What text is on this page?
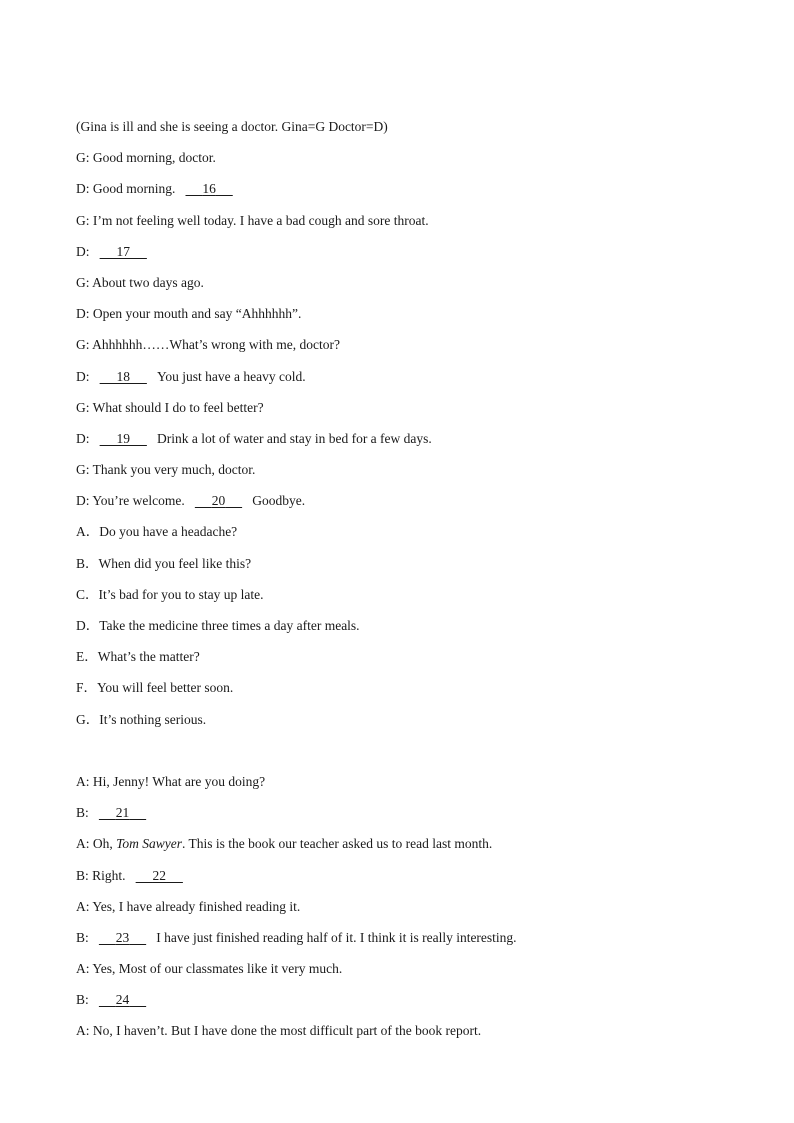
(Gina is ill and she is seeing a doctor. Gina=G Doctor=D)
G: Good morning, doctor.
D: Good morning. 16
G: I’m not feeling well today. I have a bad cough and sore throat.
D: 17
G: About two days ago.
D: Open your mouth and say “Ahhhhhh”.
G: Ahhhhhh……What’s wrong with me, doctor?
D: 18 You just have a heavy cold.
G: What should I do to feel better?
D: 19 Drink a lot of water and stay in bed for a few days.
G: Thank you very much, doctor.
D: You’re welcome. 20 Goodbye.
A．Do you have a headache?
B．When did you feel like this?
C．It’s bad for you to stay up late.
D．Take the medicine three times a day after meals.
E．What’s the matter?
F．You will feel better soon.
G．It’s nothing serious.
A: Hi, Jenny! What are you doing?
B: 21
A: Oh, Tom Sawyer. This is the book our teacher asked us to read last month.
B: Right. 22
A: Yes, I have already finished reading it.
B: 23 I have just finished reading half of it. I think it is really interesting.
A: Yes, Most of our classmates like it very much.
B: 24
A: No, I haven’t. But I have done the most difficult part of the book report.
